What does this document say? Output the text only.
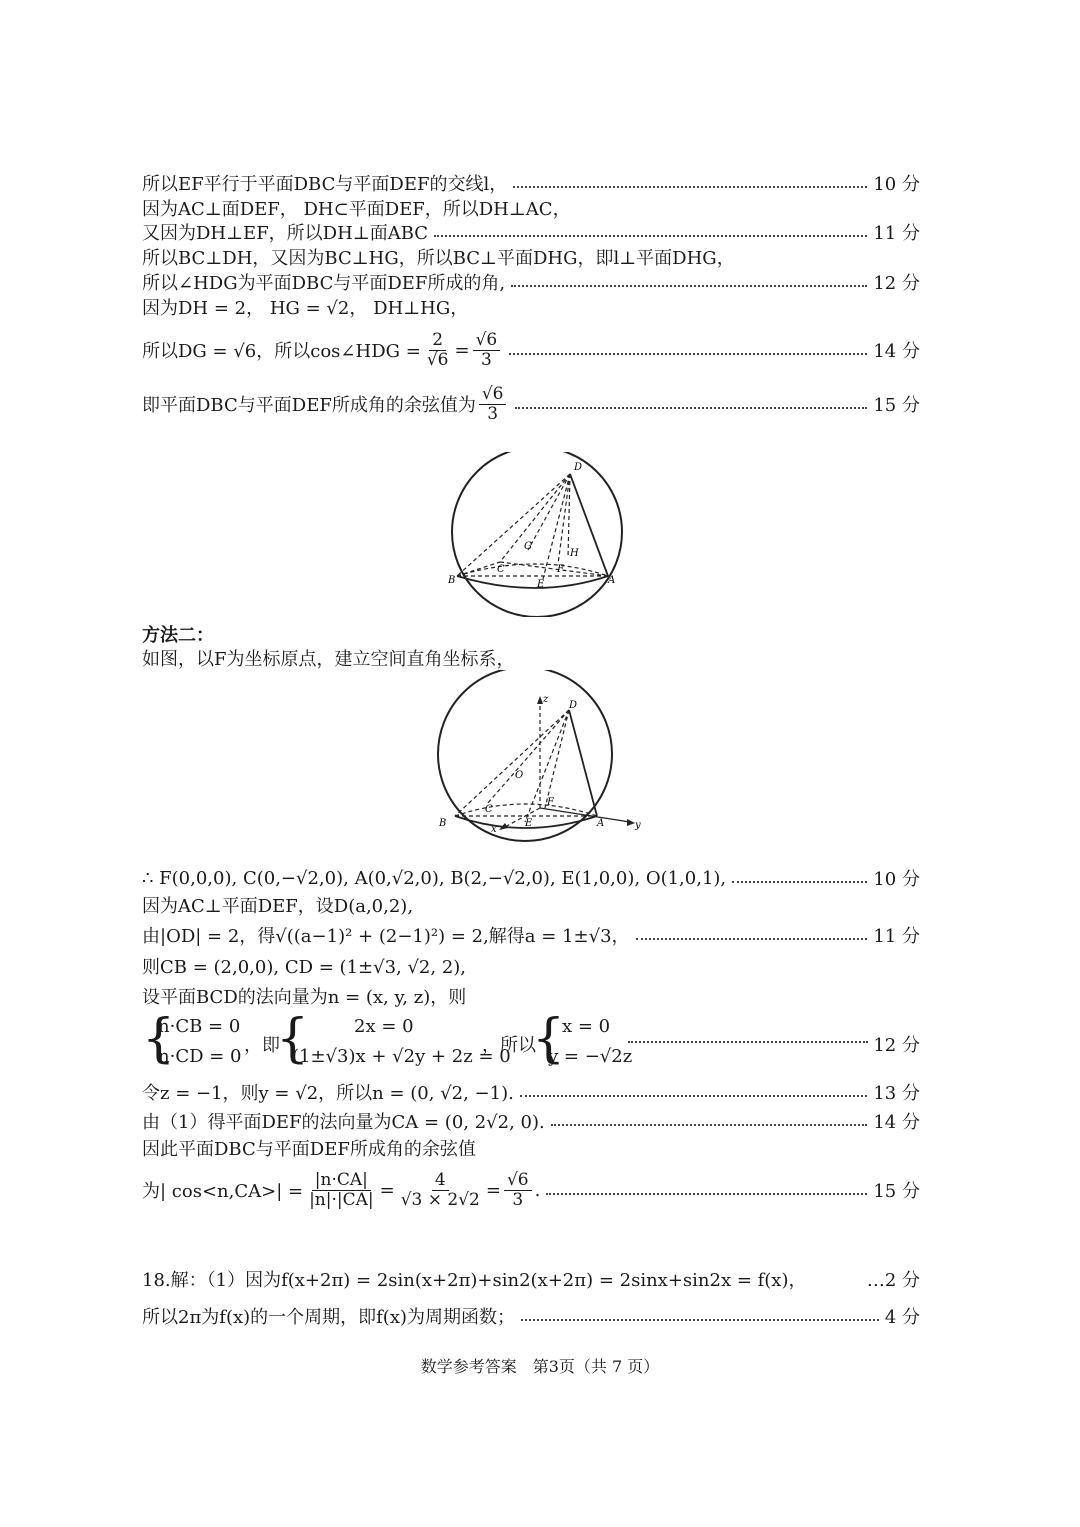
所以EF平行于平面DBC与平面DEF的交线l，	10 分
因为AC⊥面DEF， DH⊂平面DEF，所以DH⊥AC，
又因为DH⊥EF，所以DH⊥面ABC	11 分
所以BC⊥DH，又因为BC⊥HG，所以BC⊥平面DHG，即l⊥平面DHG，
所以∠HDG为平面DBC与平面DEF所成的角,	12 分
因为DH = 2， HG = √2， DH⊥HG，
所以DG = √6，所以cos∠HDG = $\frac{2}{√6} = \frac{√6}{3}$	14 分
即平面DBC与平面DEF所成角的余弦值为 $\frac{√6}{3}$	15 分
D
G
H
C	F
B	E	A
方法二：
如图，以F为坐标原点，建立空间直角坐标系，
z
D
O
C
F
B
x
E	A	y
∴ F(0,0,0), C(0,−√2,0), A(0,√2,0), B(2,−√2,0), E(1,0,0), O(1,0,1),	10 分
因为AC⊥平面DEF，设D(a,0,2),
由|OD| = 2，得√((a−1)² + (2−1)²) = 2,解得a = 1±√3，	11 分
则CB = (2,0,0), CD = (1±√3, √2, 2),
设平面BCD的法向量为n = (x, y, z)，则
{
n·CB = 0
n·CD = 0
，即
{ 2x = 0
(1±√3)x + √2y + 2z = 0
，所以
{
x = 0
y = −√2z
12 分
令z = −1，则y = √2，所以n = (0, √2, −1).	13 分
由（1）得平面DEF的法向量为CA = (0, 2√2, 0).	14 分
因此平面DBC与平面DEF所成角的余弦值
为| $\cos<n,CA>| = \frac{|n\cdot CA|}{|n|\cdot|CA|} = \frac{4}{√3 \times 2√2} = \frac{√6}{3}$ .	15 分
18.解：（1）因为f(x+2π) = 2sin(x+2π)+sin2(x+2π) = 2sinx+sin2x = f(x)，	…2 分
所以2π为f(x)的一个周期，即f(x)为周期函数；	4 分
数学参考答案　第3页（共 7 页）
